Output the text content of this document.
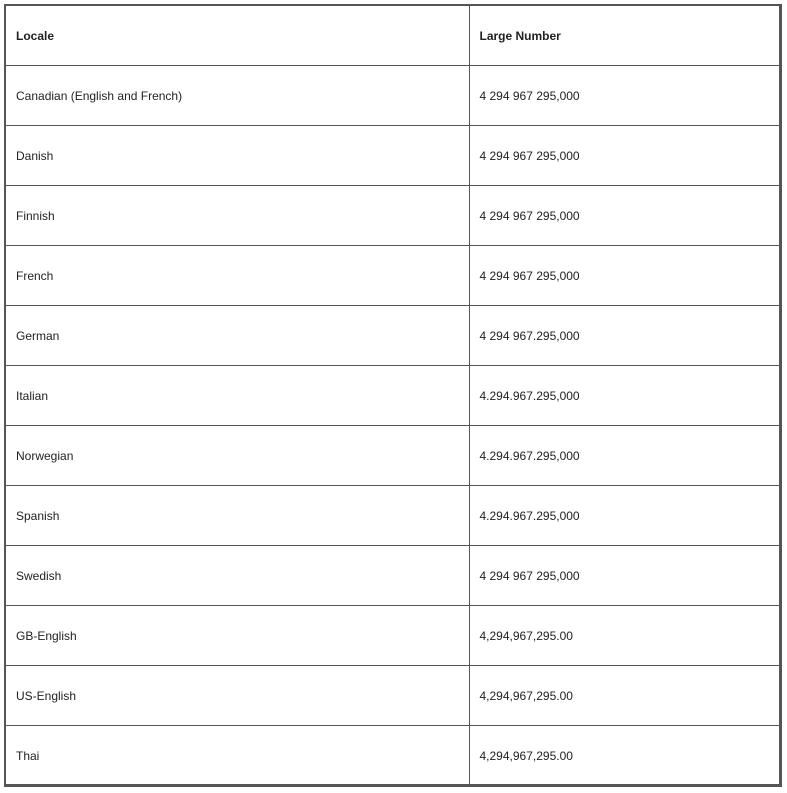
Locale	Large Number
Canadian (English and French)	4 294 967 295,000
Danish	4 294 967 295,000
Finnish	4 294 967 295,000
French	4 294 967 295,000
German	4 294 967.295,000
Italian	4.294.967.295,000
Norwegian	4.294.967.295,000
Spanish	4.294.967.295,000
Swedish	4 294 967 295,000
GB-English	4,294,967,295.00
US-English	4,294,967,295.00
Thai	4,294,967,295.00
